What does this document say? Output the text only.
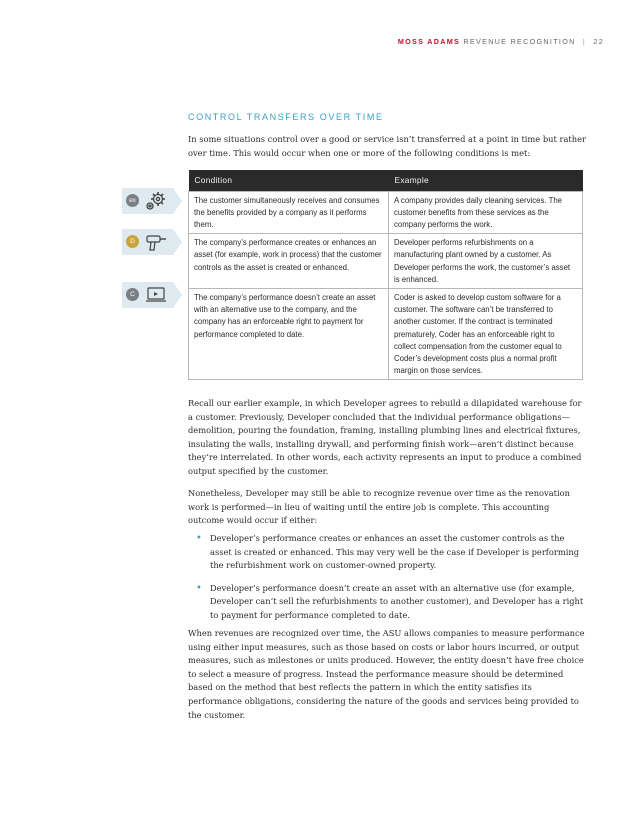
MOSS ADAMS REVENUE RECOGNITION | 22
CONTROL TRANSFERS OVER TIME

In some situations control over a good or service isn’t transferred at a point in time but rather over time. This would occur when one or more of the following conditions is met:

ex
D
C
Condition	Example
The customer simultaneously receives and consumes the benefits provided by a company as it performs them.	A company provides daily cleaning services. The customer benefits from these services as the company performs the work.
The company’s performance creates or enhances an asset (for example, work in process) that the customer controls as the asset is created or enhanced.	Developer performs refurbishments on a manufacturing plant owned by a customer. As Developer performs the work, the customer’s asset is enhanced.
The company’s performance doesn’t create an asset with an alternative use to the company, and the company has an enforceable right to payment for performance completed to date.	Coder is asked to develop custom software for a customer. The software can’t be transferred to another customer. If the contract is terminated prematurely, Coder has an enforceable right to collect compensation from the customer equal to Coder’s development costs plus a normal profit margin on those services.

Recall our earlier example, in which Developer agrees to rebuild a dilapidated warehouse for a customer. Previously, Developer concluded that the individual performance obligations—demolition, pouring the foundation, framing, installing plumbing lines and electrical fixtures, insulating the walls, installing drywall, and performing finish work—aren’t distinct because they’re interrelated. In other words, each activity represents an input to produce a combined output specified by the customer.

Nonetheless, Developer may still be able to recognize revenue over time as the renovation work is performed—in lieu of waiting until the entire job is complete. This accounting outcome would occur if either:

• Developer’s performance creates or enhances an asset the customer controls as the asset is created or enhanced. This may very well be the case if Developer is performing the refurbishment work on customer-owned property.
• Developer’s performance doesn’t create an asset with an alternative use (for example, Developer can’t sell the refurbishments to another customer), and Developer has a right to payment for performance completed to date.

When revenues are recognized over time, the ASU allows companies to measure performance using either input measures, such as those based on costs or labor hours incurred, or output measures, such as milestones or units produced. However, the entity doesn’t have free choice to select a measure of progress. Instead the performance measure should be determined based on the method that best reflects the pattern in which the entity satisfies its performance obligations, considering the nature of the goods and services being provided to the customer.
